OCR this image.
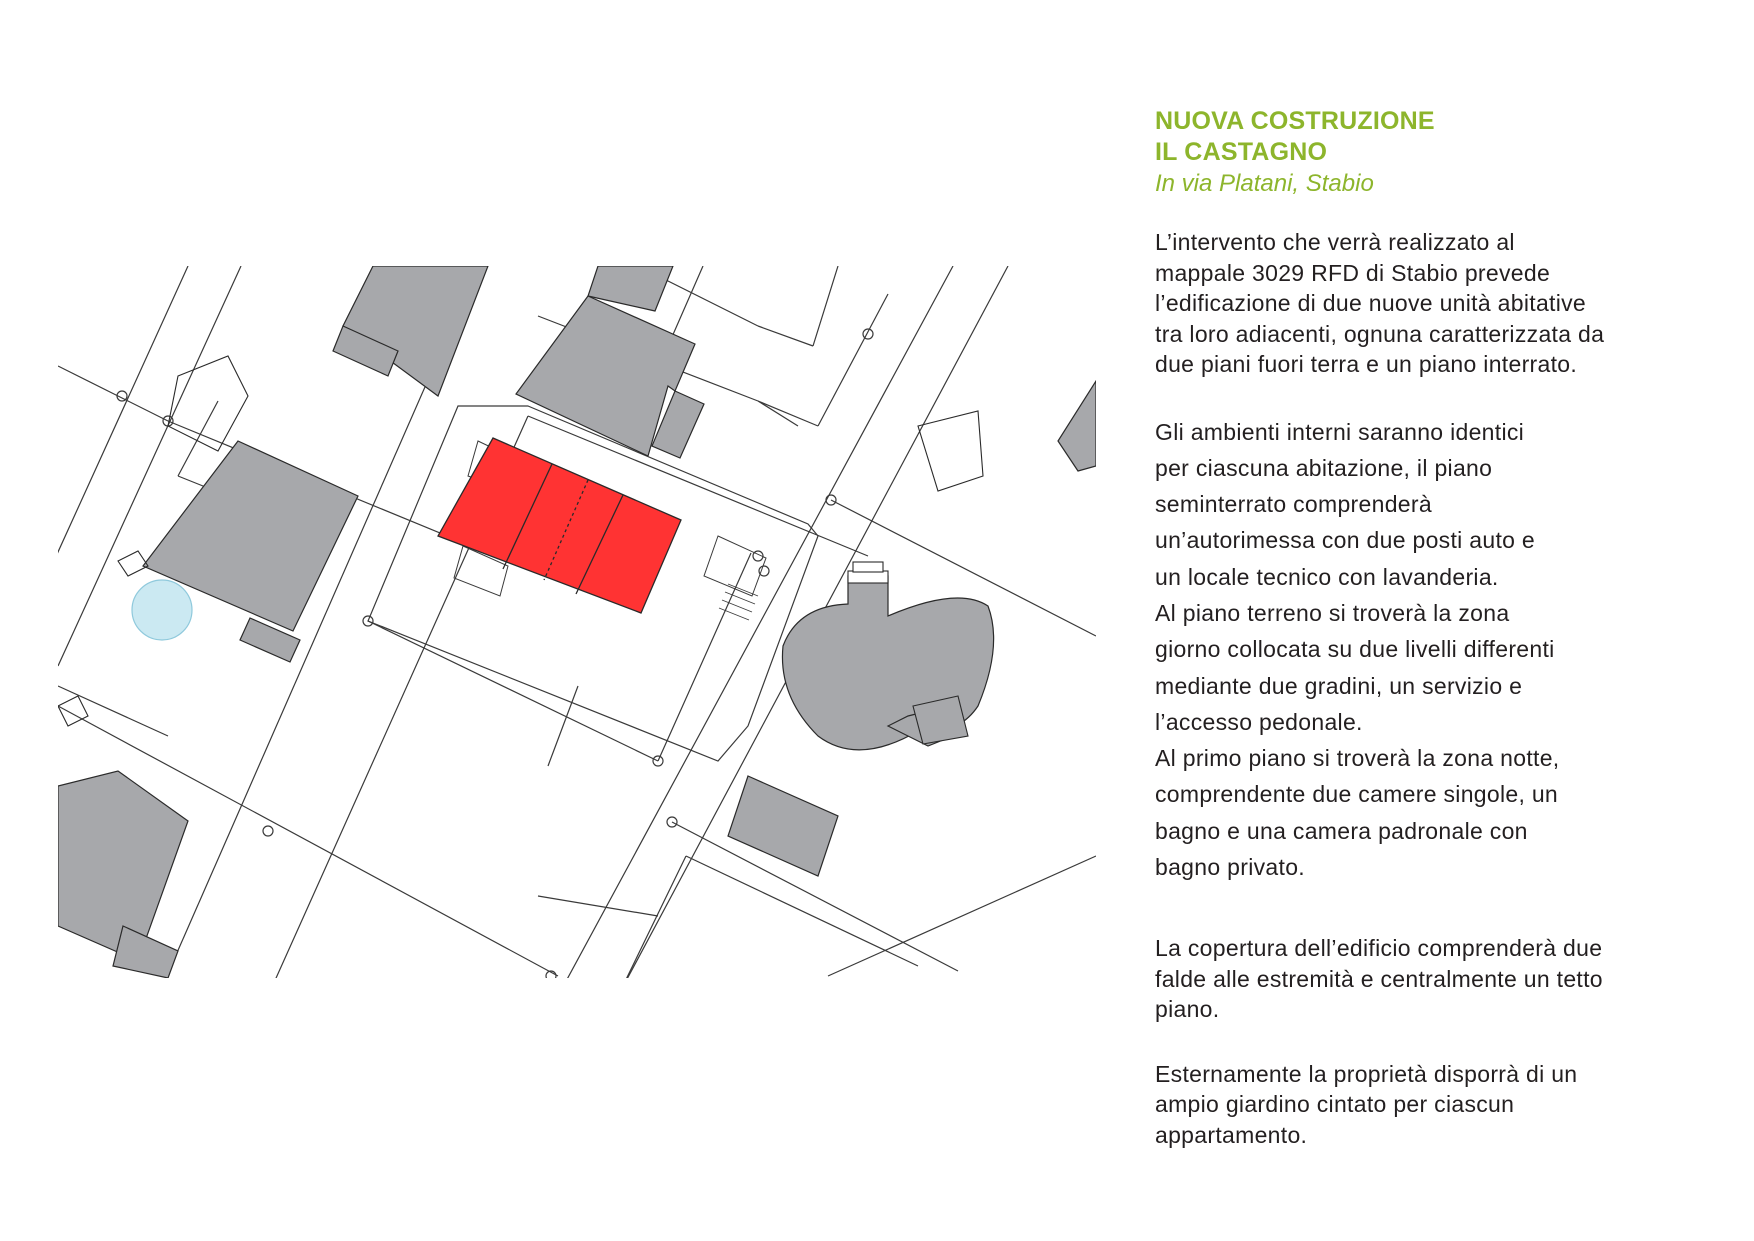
NUOVA COSTRUZIONE

IL CASTAGNO

In via Platani, Stabio

L’intervento che verrà realizzato al
mappale 3029 RFD di Stabio prevede
l’edificazione di due nuove unità abitative
tra loro adiacenti, ognuna caratterizzata da
due piani fuori terra e un piano interrato.

Gli ambienti interni saranno identici
per ciascuna abitazione, il piano
seminterrato comprenderà
un’autorimessa con due posti auto e
un locale tecnico con lavanderia.
Al piano terreno si troverà la zona
giorno collocata su due livelli differenti
mediante due gradini, un servizio e
l’accesso pedonale.
Al primo piano si troverà la zona notte,
comprendente due camere singole, un
bagno e una camera padronale con
bagno privato.

La copertura dell’edificio comprenderà due
falde alle estremità e centralmente un tetto
piano.

Esternamente la proprietà disporrà di un
ampio giardino cintato per ciascun
appartamento.
